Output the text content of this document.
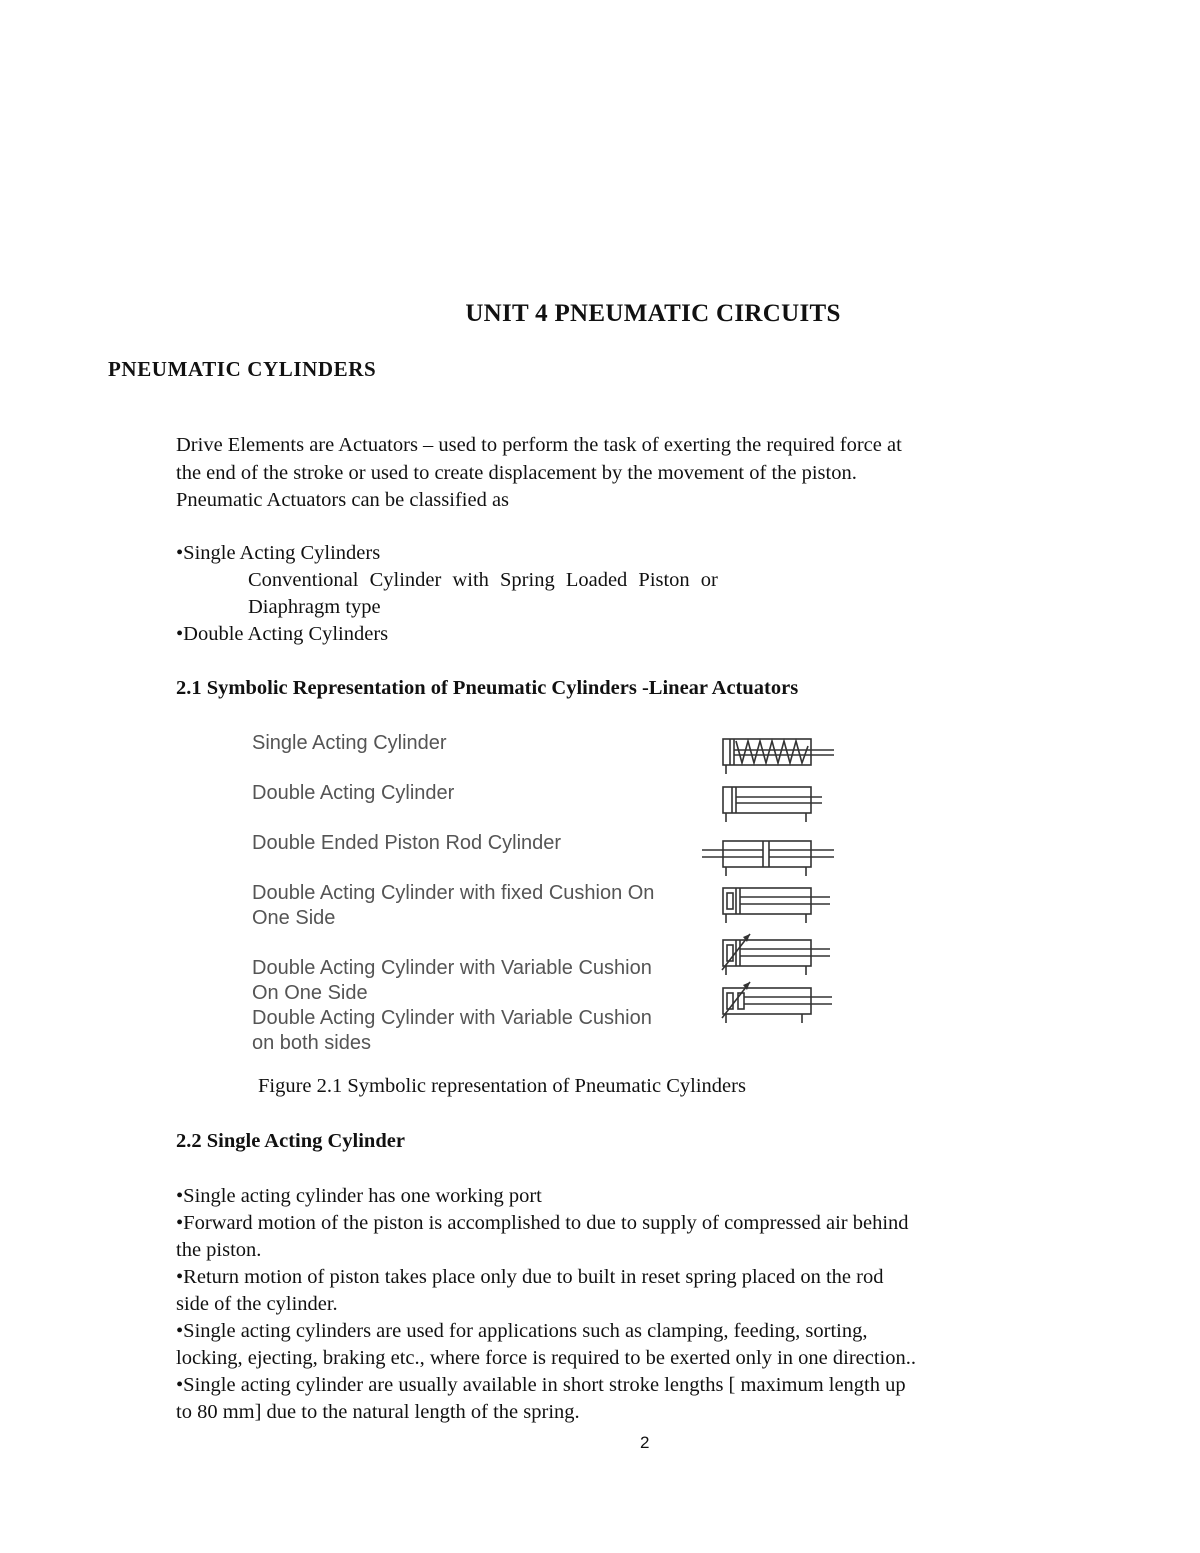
UNIT 4 PNEUMATIC CIRCUITS
PNEUMATIC CYLINDERS
Drive Elements are Actuators – used to perform the task of exerting the required force at
the end of the stroke or used to create displacement by the movement of the piston.
Pneumatic Actuators can be classified as
•Single Acting Cylinders
Conventional Cylinder with Spring Loaded Piston or
Diaphragm type
•Double Acting Cylinders
2.1 Symbolic Representation of Pneumatic Cylinders -Linear Actuators
Single Acting Cylinder
Double Acting Cylinder
Double Ended Piston Rod Cylinder
Double Acting Cylinder with fixed Cushion On
One Side
Double Acting Cylinder with Variable Cushion
On One Side
Double Acting Cylinder with Variable Cushion
on both sides
Figure 2.1 Symbolic representation of Pneumatic Cylinders
2.2 Single Acting Cylinder
•Single acting cylinder has one working port
•Forward motion of the piston is accomplished to due to supply of compressed air behind
the piston.
•Return motion of piston takes place only due to built in reset spring placed on the rod
side of the cylinder.
•Single acting cylinders are used for applications such as clamping, feeding, sorting,
locking, ejecting, braking etc., where force is required to be exerted only in one direction..
•Single acting cylinder are usually available in short stroke lengths [ maximum length up
to 80 mm] due to the natural length of the spring.
2
